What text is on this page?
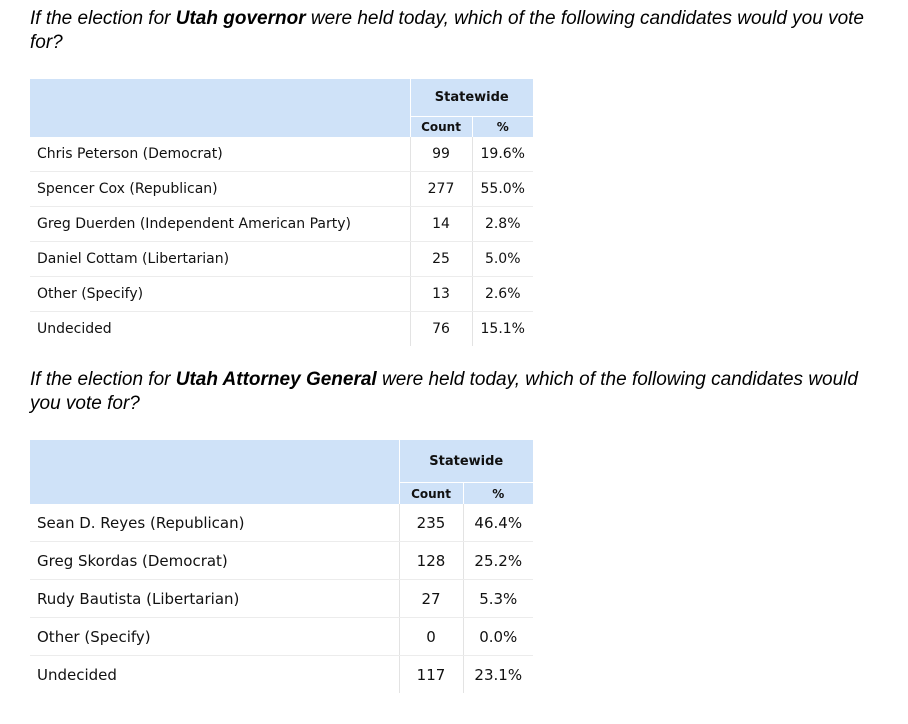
If the election for Utah governor were held today, which of the following candidates would you vote for?

	Statewide	
	Count	%
Chris Peterson (Democrat)	99	19.6%
Spencer Cox (Republican)	277	55.0%
Greg Duerden (Independent American Party)	14	2.8%
Daniel Cottam (Libertarian)	25	5.0%
Other (Specify)	13	2.6%
Undecided	76	15.1%

If the election for Utah Attorney General were held today, which of the following candidates would you vote for?

	Statewide	
	Count	%
Sean D. Reyes (Republican)	235	46.4%
Greg Skordas (Democrat)	128	25.2%
Rudy Bautista (Libertarian)	27	5.3%
Other (Specify)	0	0.0%
Undecided	117	23.1%
